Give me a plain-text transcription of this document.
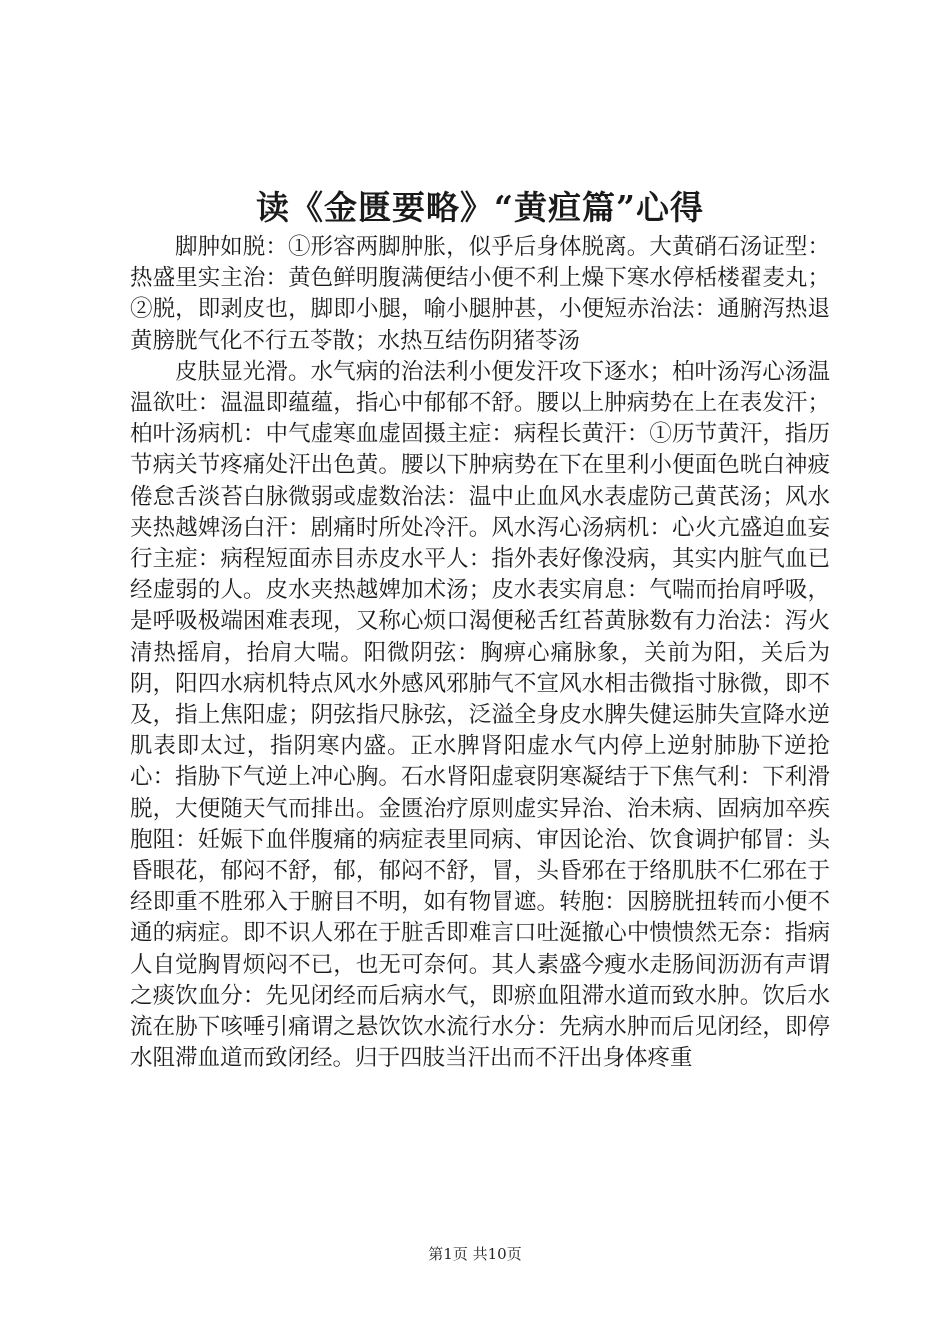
读《金匮要略》“黄疸篇”心得

脚肿如脱：①形容两脚肿胀，似乎后身体脱离。大黄硝石汤证型：热盛里实主治：黄色鲜明腹满便结小便不利上燥下寒水停栝楼翟麦丸；②脱，即剥皮也，脚即小腿，喻小腿肿甚，小便短赤治法：通腑泻热退黄膀胱气化不行五苓散；水热互结伤阴猪苓汤

皮肤显光滑。水气病的治法利小便发汗攻下逐水；柏叶汤泻心汤温温欲吐：温温即蕴蕴，指心中郁郁不舒。腰以上肿病势在上在表发汗；柏叶汤病机：中气虚寒血虚固摄主症：病程长黄汗：①历节黄汗，指历节病关节疼痛处汗出色黄。腰以下肿病势在下在里利小便面色晄白神疲倦怠舌淡苔白脉微弱或虚数治法：温中止血风水表虚防己黄芪汤；风水夹热越婢汤白汗：剧痛时所处冷汗。风水泻心汤病机：心火亢盛迫血妄行主症：病程短面赤目赤皮水平人：指外表好像没病，其实内脏气血已经虚弱的人。皮水夹热越婢加术汤；皮水表实肩息：气喘而抬肩呼吸，是呼吸极端困难表现，又称心烦口渴便秘舌红苔黄脉数有力治法：泻火清热摇肩，抬肩大喘。阳微阴弦：胸痹心痛脉象，关前为阳，关后为阴，阳四水病机特点风水外感风邪肺气不宣风水相击微指寸脉微，即不及，指上焦阳虚；阴弦指尺脉弦，泛溢全身皮水脾失健运肺失宣降水逆肌表即太过，指阴寒内盛。正水脾肾阳虚水气内停上逆射肺胁下逆抢心：指胁下气逆上冲心胸。石水肾阳虚衰阴寒凝结于下焦气利：下利滑脱，大便随天气而排出。金匮治疗原则虚实异治、治未病、固病加卒疾胞阻：妊娠下血伴腹痛的病症表里同病、审因论治、饮食调护郁冒：头昏眼花，郁闷不舒，郁，郁闷不舒，冒，头昏邪在于络肌肤不仁邪在于经即重不胜邪入于腑目不明，如有物冒遮。转胞：因膀胱扭转而小便不通的病症。即不识人邪在于脏舌即难言口吐涎撤心中愦愦然无奈：指病人自觉胸胃烦闷不已，也无可奈何。其人素盛今瘦水走肠间沥沥有声谓之痰饮血分：先见闭经而后病水气，即瘀血阻滞水道而致水肿。饮后水流在胁下咳唾引痛谓之悬饮饮水流行水分：先病水肿而后见闭经，即停水阻滞血道而致闭经。归于四肢当汗出而不汗出身体疼重

第1页 共10页
